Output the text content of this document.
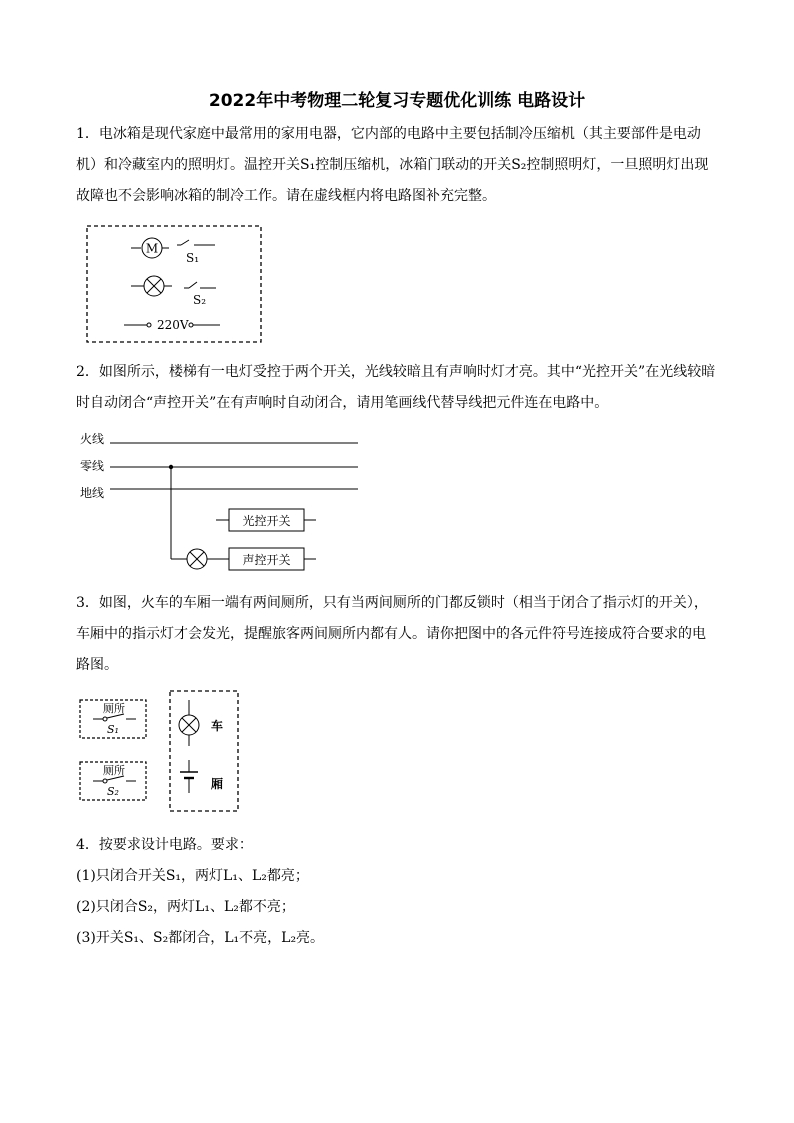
2022年中考物理二轮复习专题优化训练 电路设计
1．电冰箱是现代家庭中最常用的家用电器，它内部的电路中主要包括制冷压缩机（其主要部件是电动机）和冷藏室内的照明灯。温控开关S₁控制压缩机，冰箱门联动的开关S₂控制照明灯，一旦照明灯出现故障也不会影响冰箱的制冷工作。请在虚线框内将电路图补充完整。
M
S₁
S₂
220V
2．如图所示，楼梯有一电灯受控于两个开关，光线较暗且有声响时灯才亮。其中“光控开关”在光线较暗时自动闭合“声控开关”在有声响时自动闭合，请用笔画线代替导线把元件连在电路中。
火线
零线
地线
光控开关
声控开关
3．如图，火车的车厢一端有两间厕所，只有当两间厕所的门都反锁时（相当于闭合了指示灯的开关），车厢中的指示灯才会发光，提醒旅客两间厕所内都有人。请你把图中的各元件符号连接成符合要求的电路图。
厕所
S₁
厕所
S₂
车
厢
4．按要求设计电路。要求：
(1)只闭合开关S₁，两灯L₁、L₂都亮；
(2)只闭合S₂，两灯L₁、L₂都不亮；
(3)开关S₁、S₂都闭合，L₁不亮，L₂亮。
